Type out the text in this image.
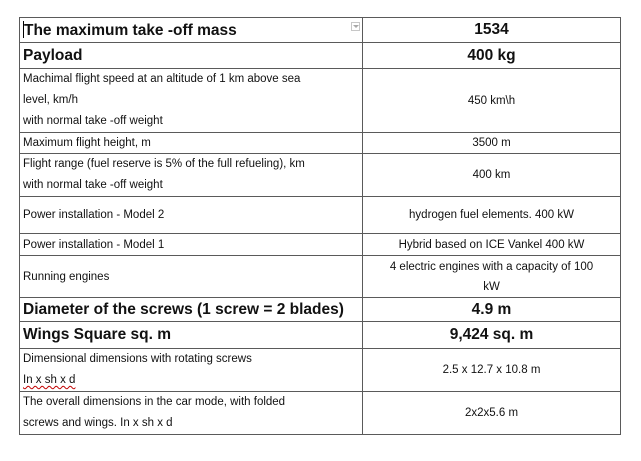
The maximum take -off mass	1534
Payload	400 kg

Machimal flight speed at an altitude of 1 km above sea
level, km/h
with normal take -off weight	450 km\h
Maximum flight height, m	3500 m

Flight range (fuel reserve is 5% of the full refueling), km
with normal take -off weight	400 km
Power installation - Model 2	hydrogen fuel elements. 400 kW
Power installation - Model 1	Hybrid based on ICE Vankel 400 kW
Running engines	4 electric engines with a capacity of 100
kW

Diameter of the screws (1 screw = 2 blades)	4.9 m
Wings Square sq. m	9,424 sq. m

Dimensional dimensions with rotating screws
In x sh x d	2.5 x 12.7 x 10.8 m

The overall dimensions in the car mode, with folded
screws and wings. In x sh x d	2x2x5.6 m
